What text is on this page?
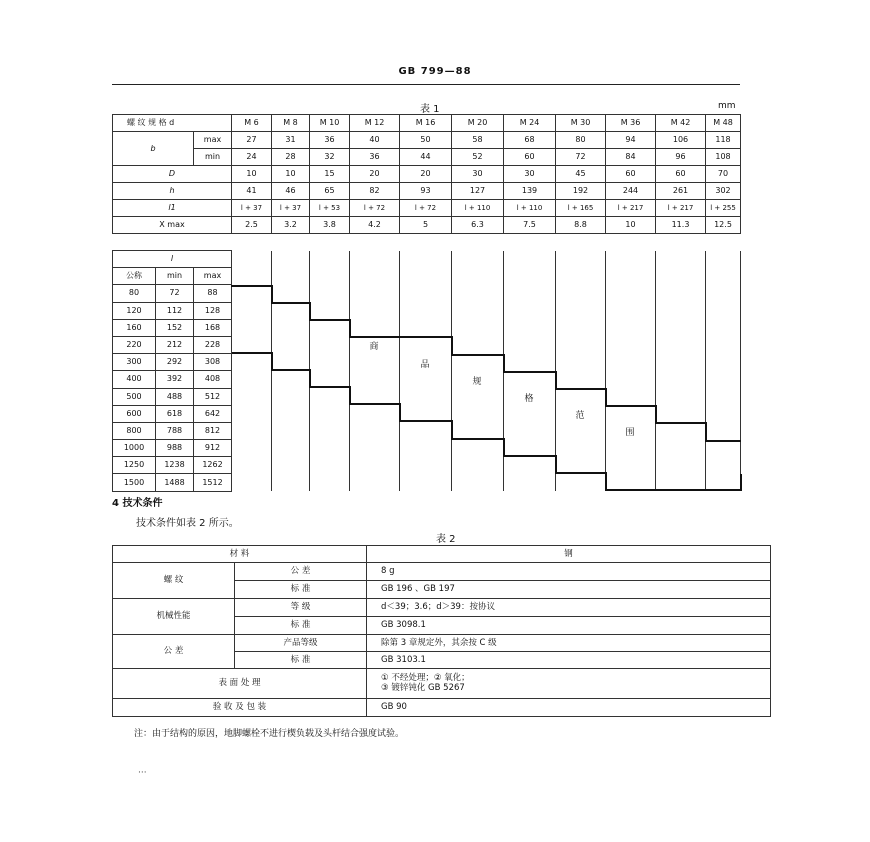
GB 799—88
表 1	mm
螺 纹 规 格 d		M 6	M 8	M 10	M 12	M 16	M 20	M 24	M 30	M 36	M 42	M 48
b	max	27	31	36	40	50	58	68	80	94	106	118
	min	24	28	32	36	44	52	60	72	84	96	108
D		10	10	15	20	20	30	30	45	60	60	70
h		41	46	65	82	93	127	139	192	244	261	302
l1		l + 37	l + 37	l + 53	l + 72	l + 72	l + 110	l + 110	l + 165	l + 217	l + 217	l + 255
X max		2.5	3.2	3.8	4.2	5	6.3	7.5	8.8	10	11.3	12.5
l													
公称	min	max											
80	72	88											
120	112	128											
160	152	168											
220	212	228											
300	292	308											
400	392	408											
500	488	512											
600	618	642											
800	788	812											
1000	988	912											
1250	1238	1262											
1500	1488	1512											
4 技术条件
技术条件如表 2 所示。
表 2
材 料		钢
螺 纹	公 差	8 g
	标 准	GB 196 、GB 197
机械性能	等 级	d＜39；3.6；d＞39：按协议
	标 准	GB 3098.1
公 差	产品等级	除第 3 章规定外，其余按 C 级
	标 准	GB 3103.1
表 面 处 理		① 不经处理；② 氧化；
③ 镀锌钝化 GB 5267

验 收 及 包 装		GB 90
注：由于结构的原因，地脚螺栓不进行楔负载及头杆结合强度试验。
···
商
品
规
格
范
围
